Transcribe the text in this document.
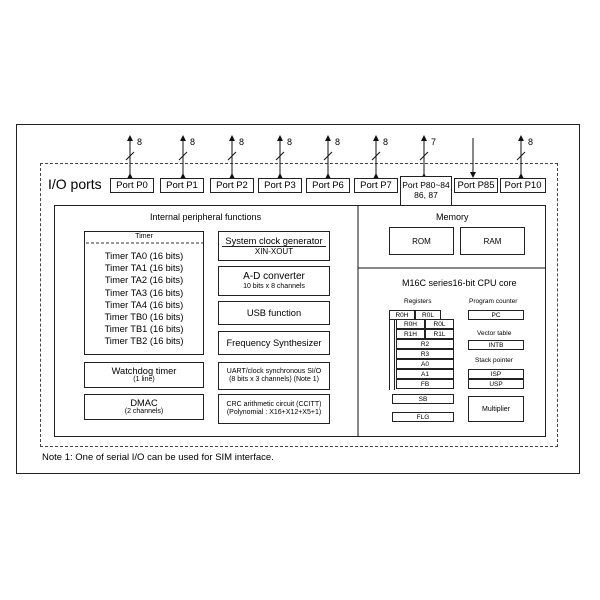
8	8	8	8	8	8	7	8
I/O ports	Port P0	Port P1	Port P2	Port P3	Port P6	Port P80~84
86, 87
Port P7	Port P85	Port P10
Internal peripheral functions
Timer
Timer TA0 (16 bits)
Timer TA1 (16 bits)
Timer TA2 (16 bits)
Timer TA3 (16 bits)
Timer TA4 (16 bits)
Timer TB0 (16 bits)
Timer TB1 (16 bits)
Timer TB2 (16 bits)
Watchdog timer
(1 line)
DMAC
(2 channels)
System clock generator
XIN-XOUT
A-D converter
10 bits x 8 channels
USB function
Frequency Synthesizer
UART/clock synchronous SI/O
(8 bits x 3 channels) (Note 1)
CRC arithmetic circuit (CCITT)
(Polynomial : X16+X12+X5+1)
Memory
ROM	RAM
M16C series16-bit CPU core
Registers
R0H	R0L
R0H	R0L
R1H	R1L
R2
R3
A0
A1
FB
SB
FLG
Program counter
PC
Vector table
INTB
Stack pointer
ISP
USP
Multiplier
Note 1: One of serial I/O can be used for SIM interface.
